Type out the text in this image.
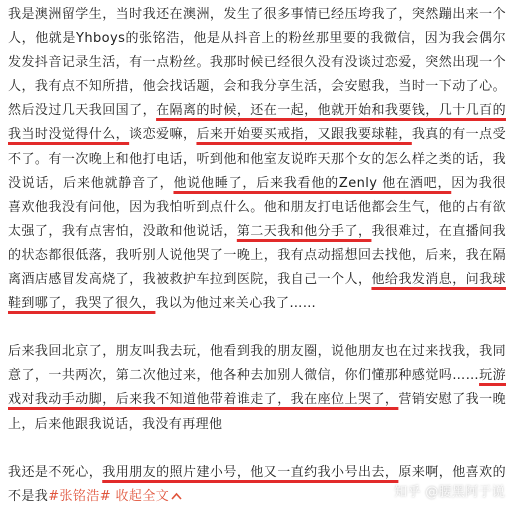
我是澳洲留学生，当时我还在澳洲，发生了很多事情已经压垮我了，突然蹦出来一个人，他就是Yhboys的张铭浩，他是从抖音上的粉丝那里要的我微信，因为我会偶尔发发抖音记录生活，有一点粉丝。我那时候已经很久没有没谈过恋爱，突然出现一个人，我有点不知所措，他会找话题，会和我分享生活，会安慰我，当时一下动了心。然后没过几天我回国了，在隔离的时候，还在一起，他就开始和我要钱，几十几百的我当时没觉得什么，谈恋爱嘛，后来开始要买戒指，又跟我要球鞋，我真的有一点受不了。有一次晚上和他打电话，听到他和他室友说昨天那个女的怎么样之类的话，我没说话，后来他就静音了，他说他睡了，后来我看他的Zenly 他在酒吧，因为我很喜欢他我没有问他，因为我怕听到点什么。他和朋友打电话他都会生气，他的占有欲太强了，我有点害怕，没敢和他说话，第二天我和他分手了，我很难过，在直播间我的状态都很低落，我听别人说他哭了一晚上，我有点动摇想回去找他，后来，我在隔离酒店感冒发高烧了，我被救护车拉到医院，我自己一个人，他给我发消息，问我球鞋到哪了，我哭了很久，我以为他过来关心我了……

后来我回北京了，朋友叫我去玩，他看到我的朋友圈，说他朋友也在过来找我，我同意了，一共两次，第二次他过来，他各种去加别人微信，你们懂那种感觉吗……玩游戏对我动手动脚，后来我不知道他带着谁走了，我在座位上哭了，营销安慰了我一晚上，后来他跟我说话，我没有再理他

我还是不死心，我用朋友的照片建小号，他又一直约我小号出去，原来啊，他喜欢的不是我#张铭浩# 收起全文	知乎 @腰黑阿于说
